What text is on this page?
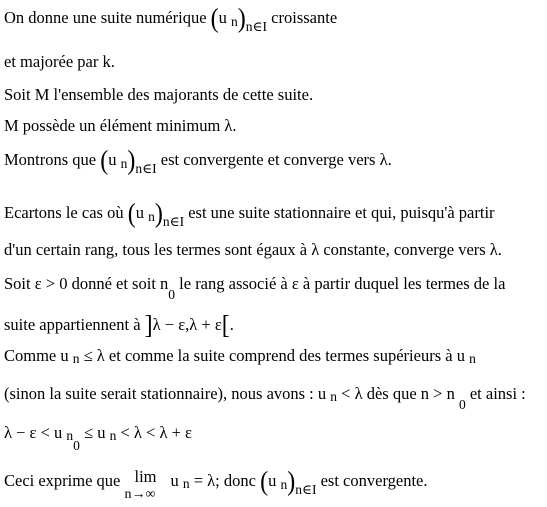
On donne une suite numérique (u $n)_{n\in I}$ croissante
et majorée par k.
Soit M l'ensemble des majorants de cette suite.
M possède un élément minimum λ.
Montrons que (u $n)_{n\in I}$ est convergente et converge vers λ.
Ecartons le cas où (u $n)_{n\in I}$ est une suite stationnaire et qui, puisqu'à partir
d'un certain rang, tous les termes sont égaux à λ constante, converge vers λ.
Soit ε > 0 donné et soit $n_0$ le rang associé à ε à partir duquel les termes de la
suite appartiennent à ]λ − ε,λ + ε[.
Comme u n ≤ λ et comme la suite comprend des termes supérieurs à u n
(sinon la suite serait stationnaire), nous avons : u n < λ dès que n > n $_0$ et ainsi :
λ − ε < u $n_0 \le u$ n < λ < λ + ε
Ceci exprime que lim
n→∞
u n = λ; donc (u $n)_{n\in I}$ est convergente.
